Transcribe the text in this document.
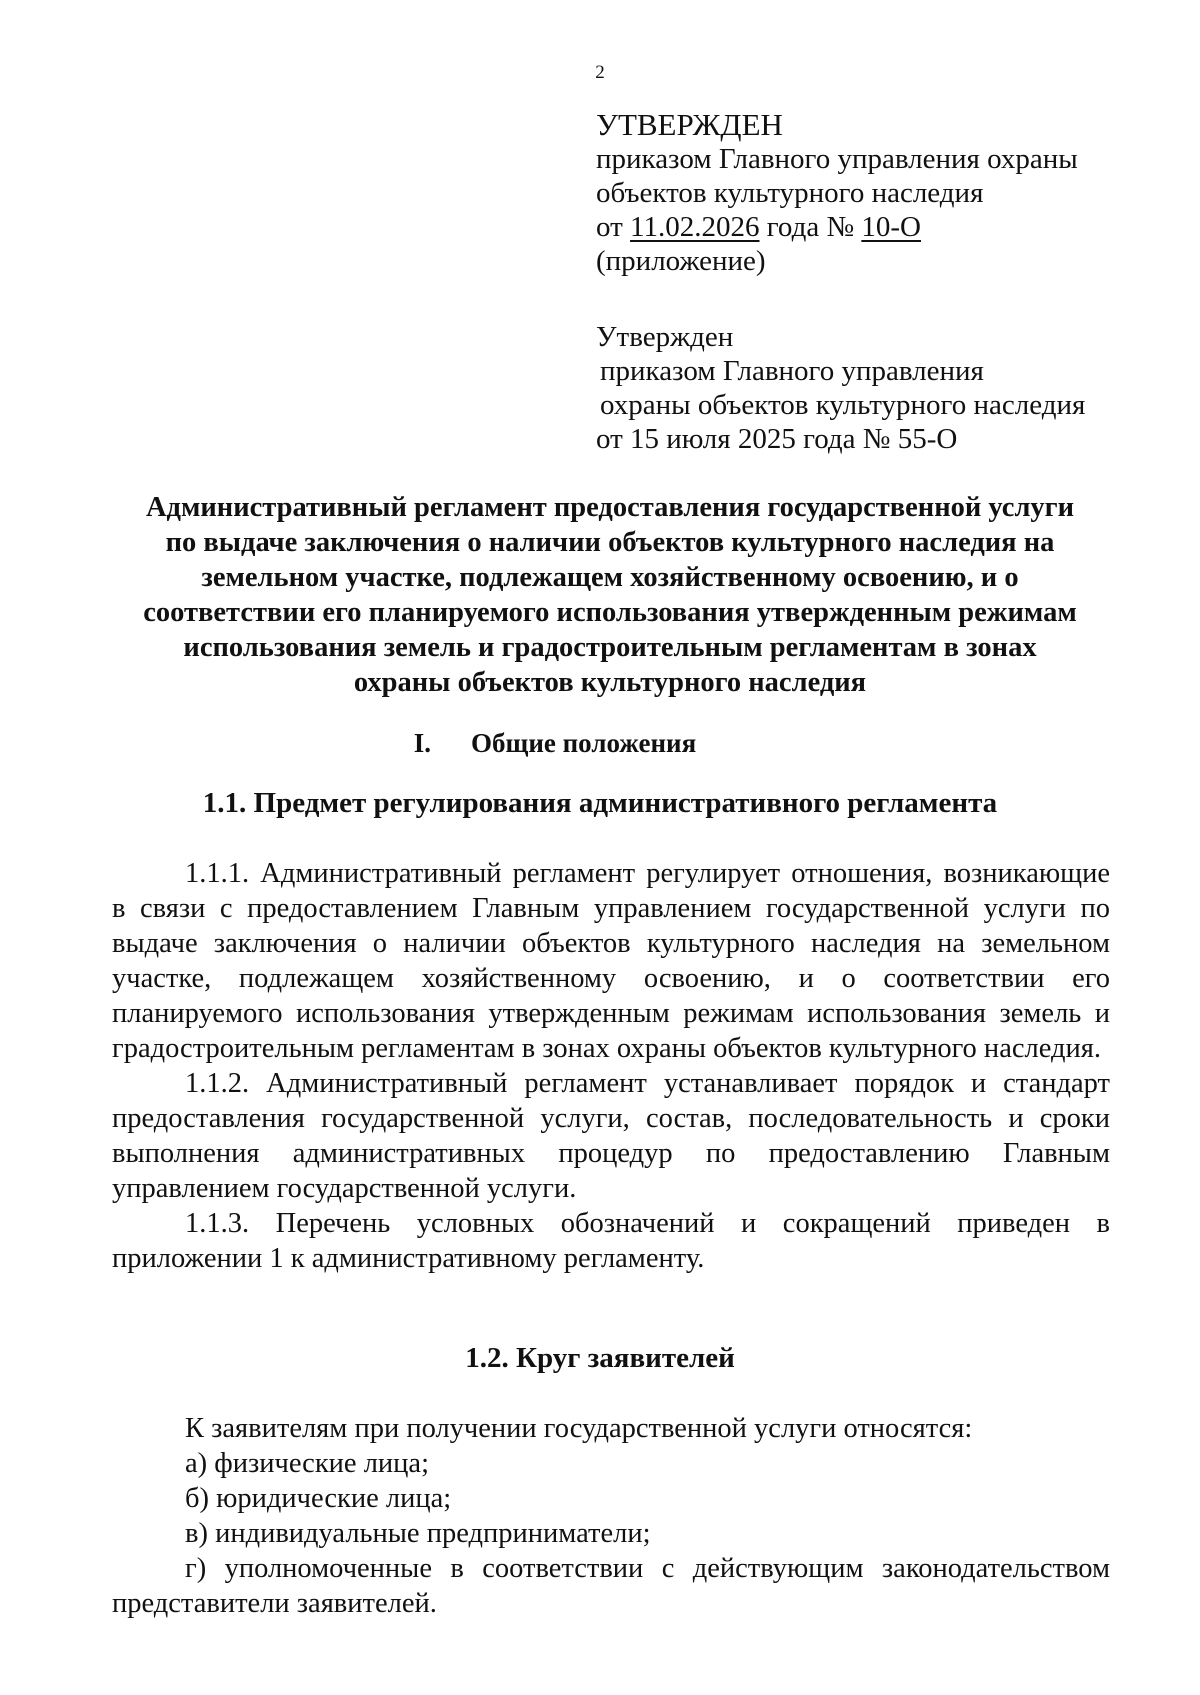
2
УТВЕРЖДЕН
приказом Главного управления охраны
объектов культурного наследия
от 11.02.2026 года № 10-О
(приложение)
Утвержден
приказом Главного управления
охраны объектов культурного наследия
от 15 июля 2025 года № 55-О
Административный регламент предоставления государственной услуги
по выдаче заключения о наличии объектов культурного наследия на
земельном участке, подлежащем хозяйственному освоению, и о
соответствии его планируемого использования утвержденным режимам
использования земель и градостроительным регламентам в зонах
охраны объектов культурного наследия
I. Общие положения
1.1. Предмет регулирования административного регламента

1.1.1. Административный регламент регулирует отношения, возникающие в связи с предоставлением Главным управлением государственной услуги по выдаче заключения о наличии объектов культурного наследия на земельном участке, подлежащем хозяйственному освоению, и о соответствии его планируемого использования утвержденным режимам использования земель и градостроительным регламентам в зонах охраны объектов культурного наследия.

1.1.2. Административный регламент устанавливает порядок и стандарт предоставления государственной услуги, состав, последовательность и сроки выполнения административных процедур по предоставлению Главным управлением государственной услуги.

1.1.3. Перечень условных обозначений и сокращений приведен в приложении 1 к административному регламенту.

1.2. Круг заявителей

К заявителям при получении государственной услуги относятся:

а) физические лица;

б) юридические лица;

в) индивидуальные предприниматели;

г) уполномоченные в соответствии с действующим законодательством представители заявителей.
